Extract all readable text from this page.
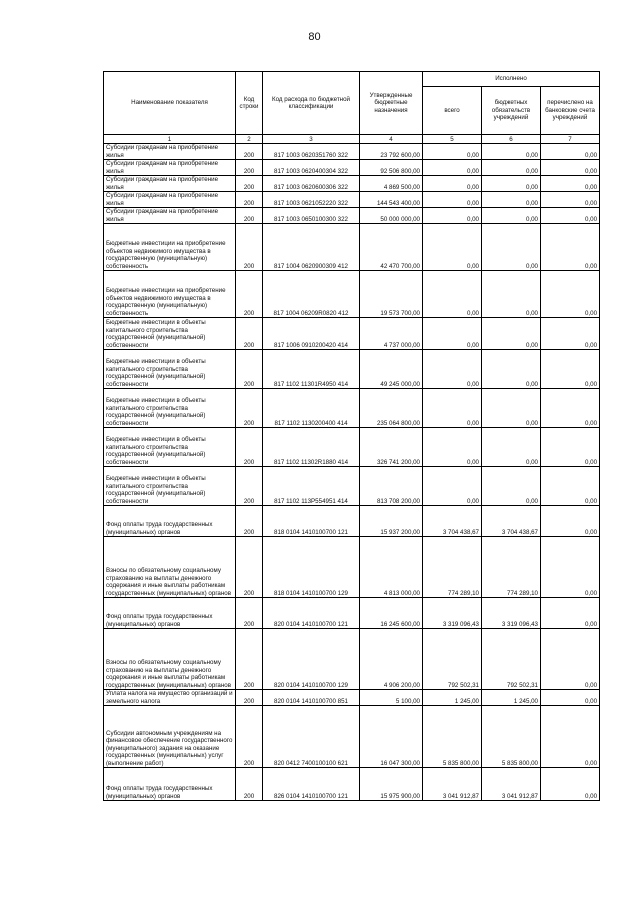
80
Наименование показателя	Код строки	Код расхода по бюджетной классификации	Утвержденные бюджетные назначения	Исполнено		
				всего	бюджетных обязательств учреждений	перечислено на банковские счета учреждений
1	2	3	4	5	6	7
Субсидии гражданам на приобретение жилья	200	817 1003 0620351760 322	23 792 600,00	0,00	0,00	0,00
Субсидии гражданам на приобретение жилья	200	817 1003 0620400304 322	92 506 800,00	0,00	0,00	0,00
Субсидии гражданам на приобретение жилья	200	817 1003 0620600306 322	4 869 500,00	0,00	0,00	0,00
Субсидии гражданам на приобретение жилья	200	817 1003 0621052220 322	144 543 400,00	0,00	0,00	0,00
Субсидии гражданам на приобретение жилья	200	817 1003 0650100300 322	50 000 000,00	0,00	0,00	0,00
Бюджетные инвестиции на приобретение объектов недвижимого имущества в государственную (муниципальную) собственность	200	817 1004 0620900309 412	42 470 700,00	0,00	0,00	0,00
Бюджетные инвестиции на приобретение объектов недвижимого имущества в государственную (муниципальную) собственность	200	817 1004 06209R0820 412	19 573 700,00	0,00	0,00	0,00
Бюджетные инвестиции в объекты капитального строительства государственной (муниципальной) собственности	200	817 1006 0910200420 414	4 737 000,00	0,00	0,00	0,00
Бюджетные инвестиции в объекты капитального строительства государственной (муниципальной) собственности	200	817 1102 11301R4950 414	49 245 000,00	0,00	0,00	0,00
Бюджетные инвестиции в объекты капитального строительства государственной (муниципальной) собственности	200	817 1102 1130200400 414	235 064 800,00	0,00	0,00	0,00
Бюджетные инвестиции в объекты капитального строительства государственной (муниципальной) собственности	200	817 1102 11302R1880 414	326 741 200,00	0,00	0,00	0,00
Бюджетные инвестиции в объекты капитального строительства государственной (муниципальной) собственности	200	817 1102 113P554951 414	813 708 200,00	0,00	0,00	0,00
Фонд оплаты труда государственных (муниципальных) органов	200	818 0104 1410100700 121	15 937 200,00	3 704 438,67	3 704 438,67	0,00
Взносы по обязательному социальному страхованию на выплаты денежного содержания и иные выплаты работникам государственных (муниципальных) органов	200	818 0104 1410100700 129	4 813 000,00	774 289,10	774 289,10	0,00
Фонд оплаты труда государственных (муниципальных) органов	200	820 0104 1410100700 121	16 245 600,00	3 319 096,43	3 319 096,43	0,00
Взносы по обязательному социальному страхованию на выплаты денежного содержания и иные выплаты работникам государственных (муниципальных) органов	200	820 0104 1410100700 129	4 906 200,00	792 502,31	792 502,31	0,00
Уплата налога на имущество организаций и земельного налога	200	820 0104 1410100700 851	5 100,00	1 245,00	1 245,00	0,00
Субсидии автономным учреждениям на финансовое обеспечение государственного (муниципального) задания на оказание государственных (муниципальных) услуг (выполнение работ)	200	820 0412 7400100100 621	16 047 300,00	5 835 800,00	5 835 800,00	0,00
Фонд оплаты труда государственных (муниципальных) органов	200	826 0104 1410100700 121	15 975 900,00	3 041 912,87	3 041 912,87	0,00
